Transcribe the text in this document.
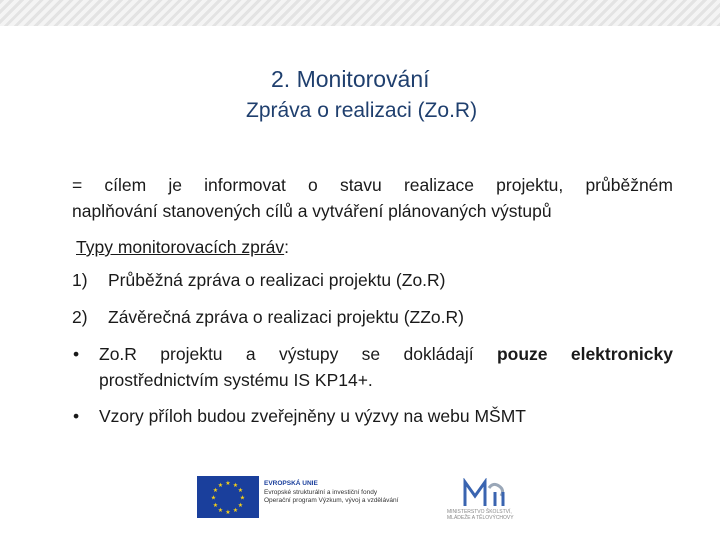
2. Monitorování
Zpráva o realizaci (Zo.R)
= cílem je informovat o stavu realizace projektu, průběžném
naplňování stanovených cílů a vytváření plánovaných výstupů
Typy monitorovacích zpráv:
1) Průběžná zpráva o realizaci projektu (Zo.R)
2) Závěrečná zpráva o realizaci projektu (ZZo.R)
• Zo.R projektu a výstupy se dokládají pouze elektronicky
prostřednictvím systému IS KP14+.
• Vzory příloh budou zveřejněny u výzvy na webu MŠMT
★ ★
★
★
★
★
★
★
★
★
★
★	EVROPSKÁ UNIE
Evropské strukturální a investiční fondy
Operační program Výzkum, vývoj a vzdělávání
MINISTERSTVO ŠKOLSTVÍ,
MLÁDEŽE A TĚLOVÝCHOVY
